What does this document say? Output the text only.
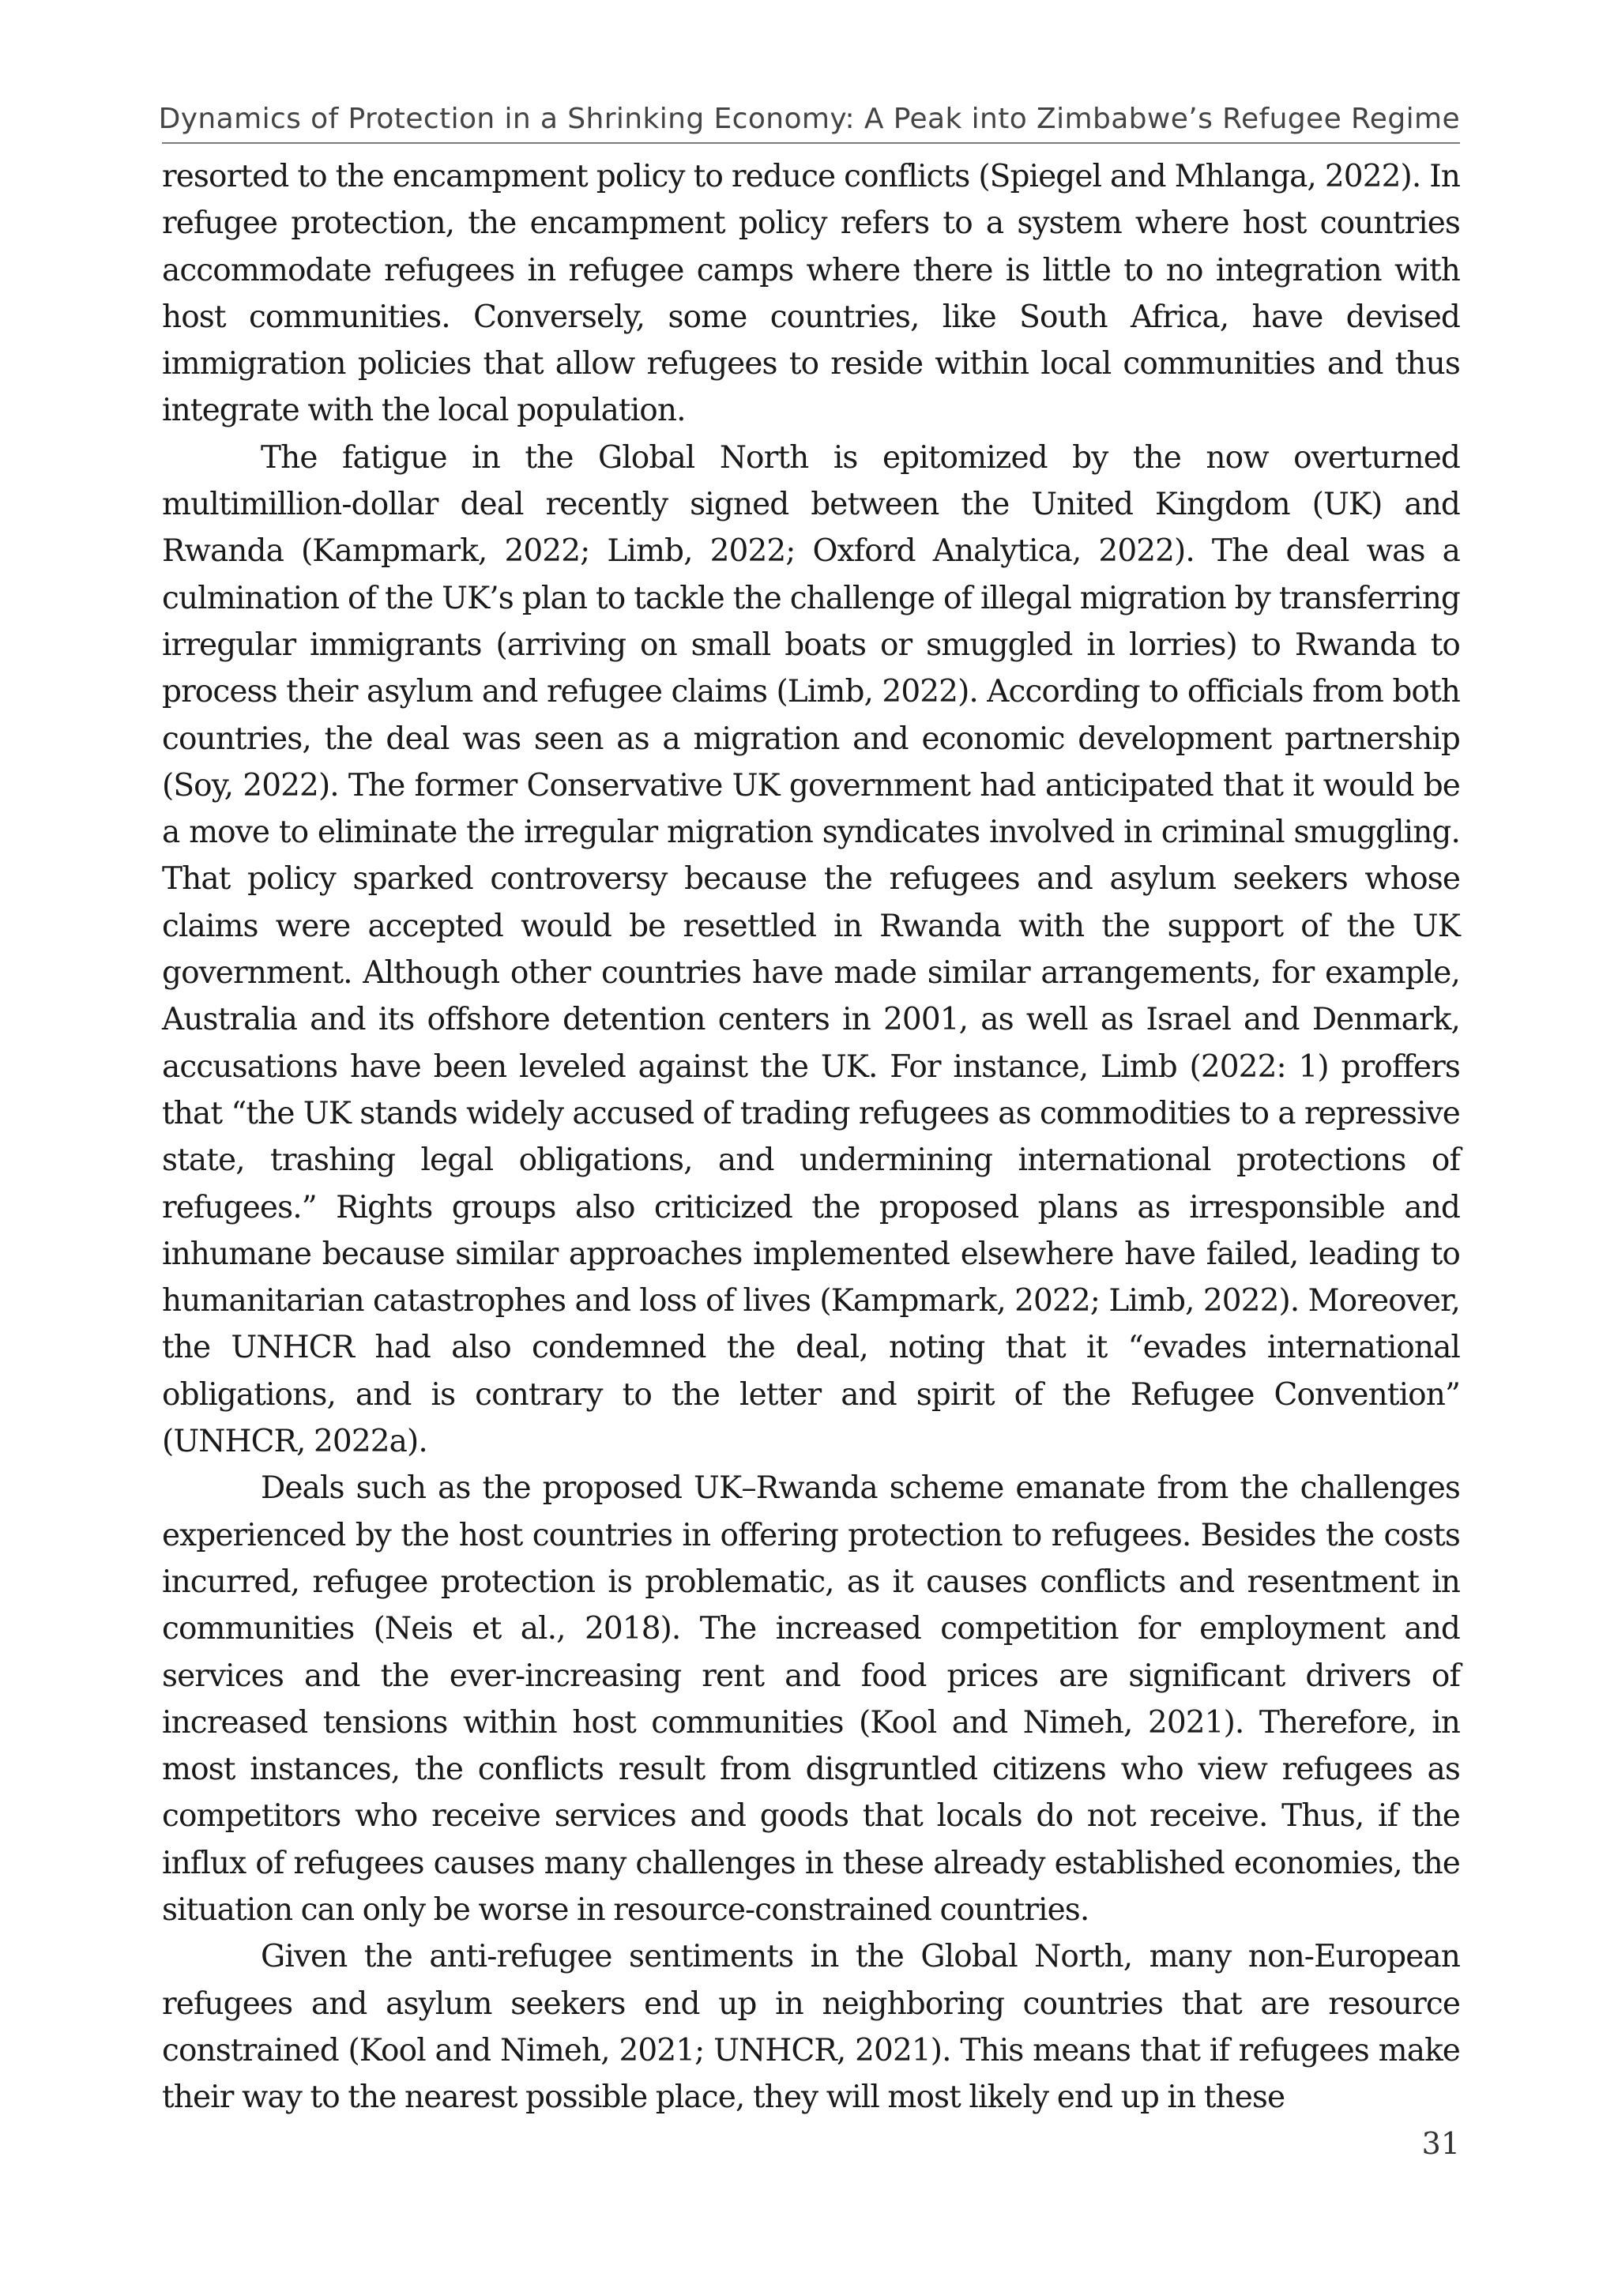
Dynamics of Protection in a Shrinking Economy: A Peak into Zimbabwe’s Refugee Regime

resorted to the encampment policy to reduce conflicts (Spiegel and Mhlanga, 2022). In refugee protection, the encampment policy refers to a system where host countries accommodate refugees in refugee camps where there is little to no integration with host communities. Conversely, some countries, like South Africa, have devised immigration policies that allow refugees to reside within local communities and thus integrate with the local population.

The fatigue in the Global North is epitomized by the now overturned multimillion-dollar deal recently signed between the United Kingdom (UK) and Rwanda (Kampmark, 2022; Limb, 2022; Oxford Analytica, 2022). The deal was a culmination of the UK’s plan to tackle the challenge of illegal migration by transferring irregular immigrants (arriving on small boats or smuggled in lorries) to Rwanda to process their asylum and refugee claims (Limb, 2022). According to officials from both countries, the deal was seen as a migration and economic development partnership (Soy, 2022). The former Conservative UK government had anticipated that it would be a move to eliminate the irregular migration syndicates involved in criminal smuggling. That policy sparked controversy because the refugees and asylum seekers whose claims were accepted would be resettled in Rwanda with the support of the UK government. Although other countries have made similar arrangements, for example, Australia and its offshore detention centers in 2001, as well as Israel and Denmark, accusations have been leveled against the UK. For instance, Limb (2022: 1) proffers that “the UK stands widely accused of trading refugees as commodities to a repressive state, trashing legal obligations, and undermining international protections of refugees.” Rights groups also criticized the proposed plans as irresponsible and inhumane because similar approaches implemented elsewhere have failed, leading to humanitarian catastrophes and loss of lives (Kampmark, 2022; Limb, 2022). Moreover, the UNHCR had also condemned the deal, noting that it “evades international obligations, and is contrary to the letter and spirit of the Refugee Convention” (UNHCR, 2022a).

Deals such as the proposed UK–Rwanda scheme emanate from the challenges experienced by the host countries in offering protection to refugees. Besides the costs incurred, refugee protection is problematic, as it causes conflicts and resentment in communities (Neis et al., 2018). The increased competition for employment and services and the ever-increasing rent and food prices are significant drivers of increased tensions within host communities (Kool and Nimeh, 2021). Therefore, in most instances, the conflicts result from disgruntled citizens who view refugees as competitors who receive services and goods that locals do not receive. Thus, if the influx of refugees causes many challenges in these already established economies, the situation can only be worse in resource-constrained countries.

Given the anti-refugee sentiments in the Global North, many non-European refugees and asylum seekers end up in neighboring countries that are resource constrained (Kool and Nimeh, 2021; UNHCR, 2021). This means that if refugees make their way to the nearest possible place, they will most likely end up in these

31
